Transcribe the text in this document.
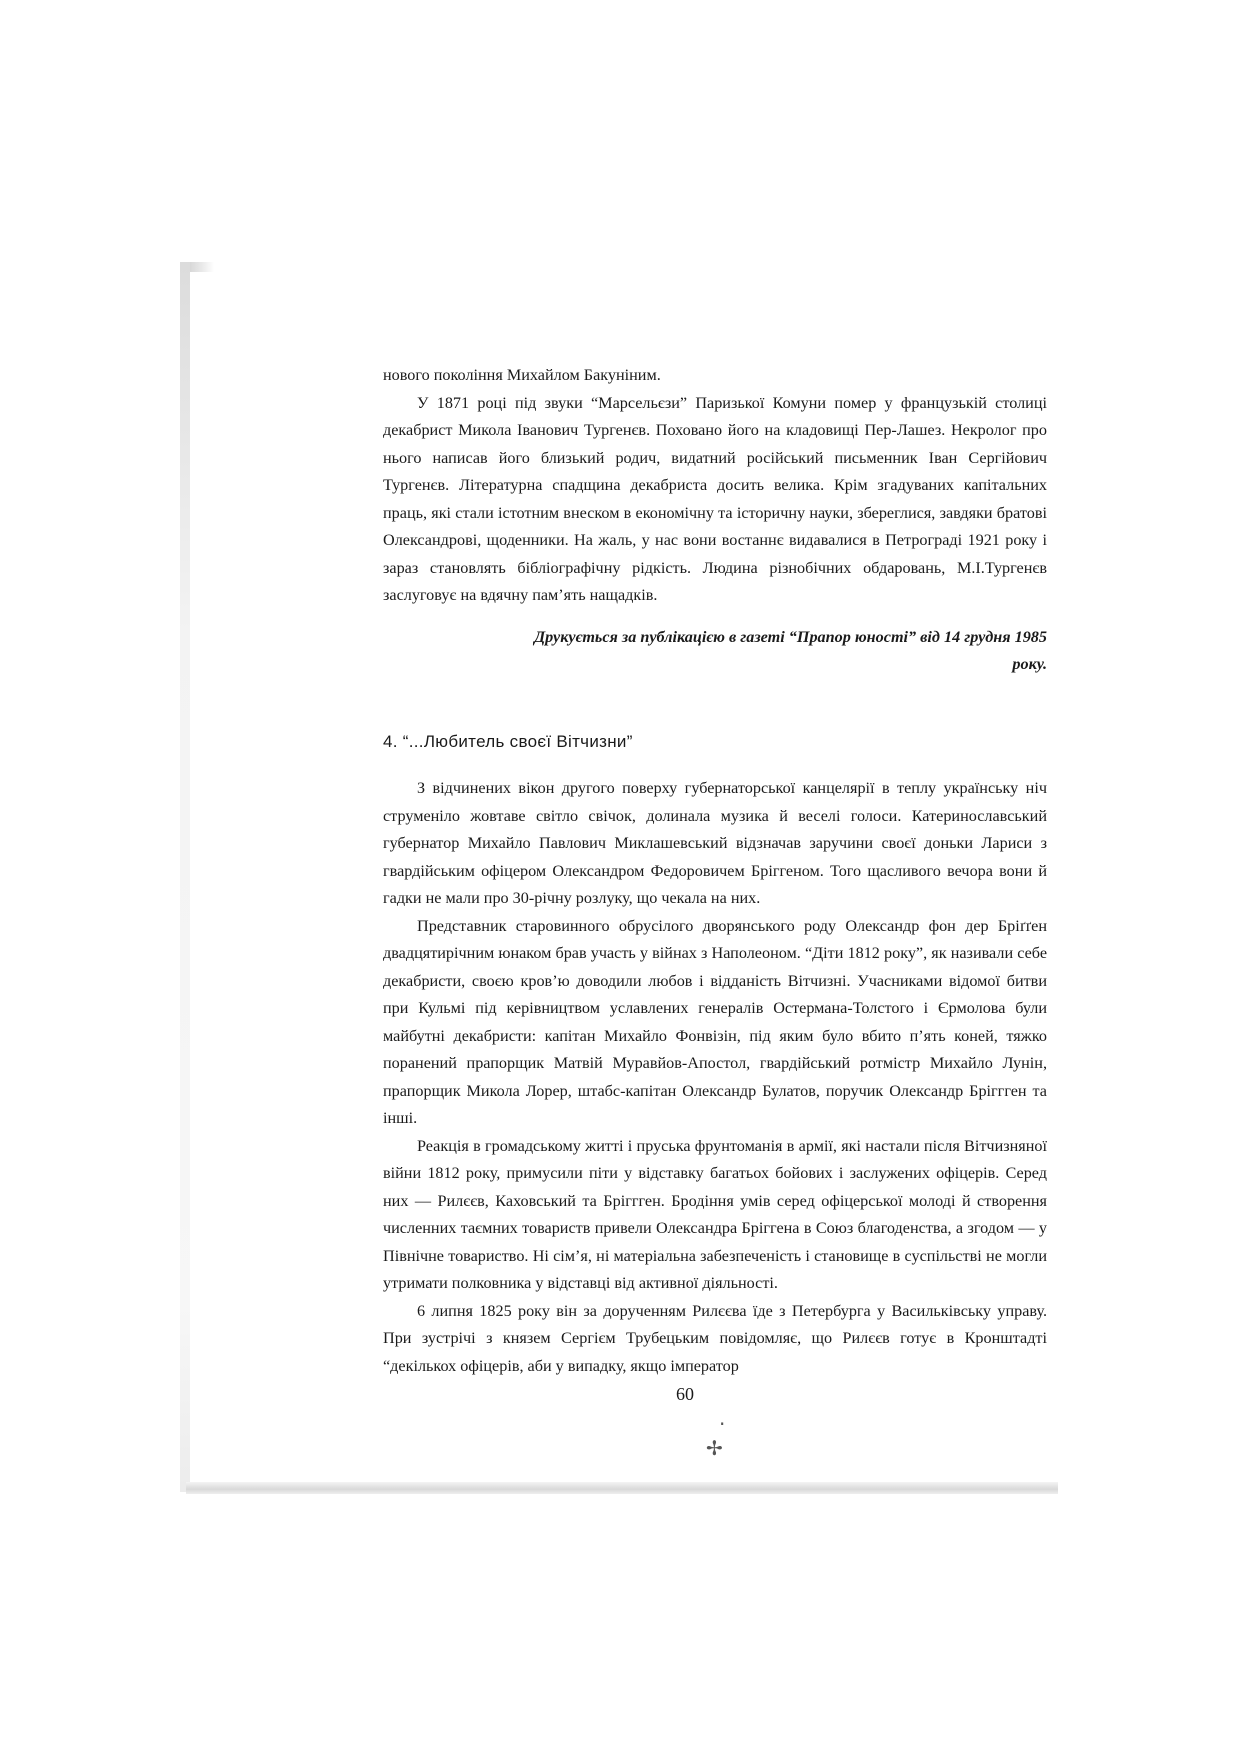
·
✢

нового покоління Михайлом Бакуніним.

У 1871 році під звуки “Марсельєзи” Паризької Комуни помер у французькій столиці декабрист Микола Іванович Тургенєв. Поховано його на кладовищі Пер-Лашез. Некролог про нього написав його близький родич, видатний російський письменник Іван Сергійович Тургенєв. Літературна спадщина декабриста досить велика. Крім згадуваних капітальних праць, які стали істотним внеском в економічну та історичну науки, збереглися, завдяки братові Олександрові, щоденники. На жаль, у нас вони востаннє видавалися в Петрограді 1921 року і зараз становлять бібліографічну рідкість. Людина різнобічних обдаровань, М.І.Тургенєв заслуговує на вдячну пам’ять нащадків.

Друкується за публікацією в газеті “Прапор юності” від 14 грудня 1985 року.

4. “...Любитель своєї Вітчизни”

З відчинених вікон другого поверху губернаторської канцелярії в теплу українську ніч струменіло жовтаве світло свічок, долинала музика й веселі голоси. Катеринославський губернатор Михайло Павлович Миклашевський відзначав заручини своєї доньки Лариси з гвардійським офіцером Олександром Федоровичем Бріггеном. Того щасливого вечора вони й гадки не мали про 30-річну розлуку, що чекала на них.

Представник старовинного обрусілого дворянського роду Олександр фон дер Бріґґен двадцятирічним юнаком брав участь у війнах з Наполеоном. “Діти 1812 року”, як називали себе декабристи, своєю кров’ю доводили любов і відданість Вітчизні. Учасниками відомої битви при Кульмі під керівництвом уславлених генералів Остермана-Толстого і Єрмолова були майбутні декабристи: капітан Михайло Фонвізін, під яким було вбито п’ять коней, тяжко поранений прапорщик Матвій Муравйов-Апостол, гвардійський ротмістр Михайло Лунін, прапорщик Микола Лорер, штабс-капітан Олександр Булатов, поручик Олександр Бріггген та інші.

Реакція в громадському житті і пруська фрунтоманія в армії, які настали після Вітчизняної війни 1812 року, примусили піти у відставку багатьох бойових і заслужених офіцерів. Серед них — Рилєєв, Каховський та Бріггген. Бродіння умів серед офіцерської молоді й створення численних таємних товариств привели Олександра Бріггена в Союз благоденства, а згодом — у Північне товариство. Ні сім’я, ні матеріальна забезпеченість і становище в суспільстві не могли утримати полковника у відставці від активної діяльності.

6 липня 1825 року він за дорученням Рилєєва їде з Петербурга у Васильківську управу. При зустрічі з князем Сергієм Трубецьким повідомляє, що Рилєєв готує в Кронштадті “декількох офіцерів, аби у випадку, якщо імператор

60
